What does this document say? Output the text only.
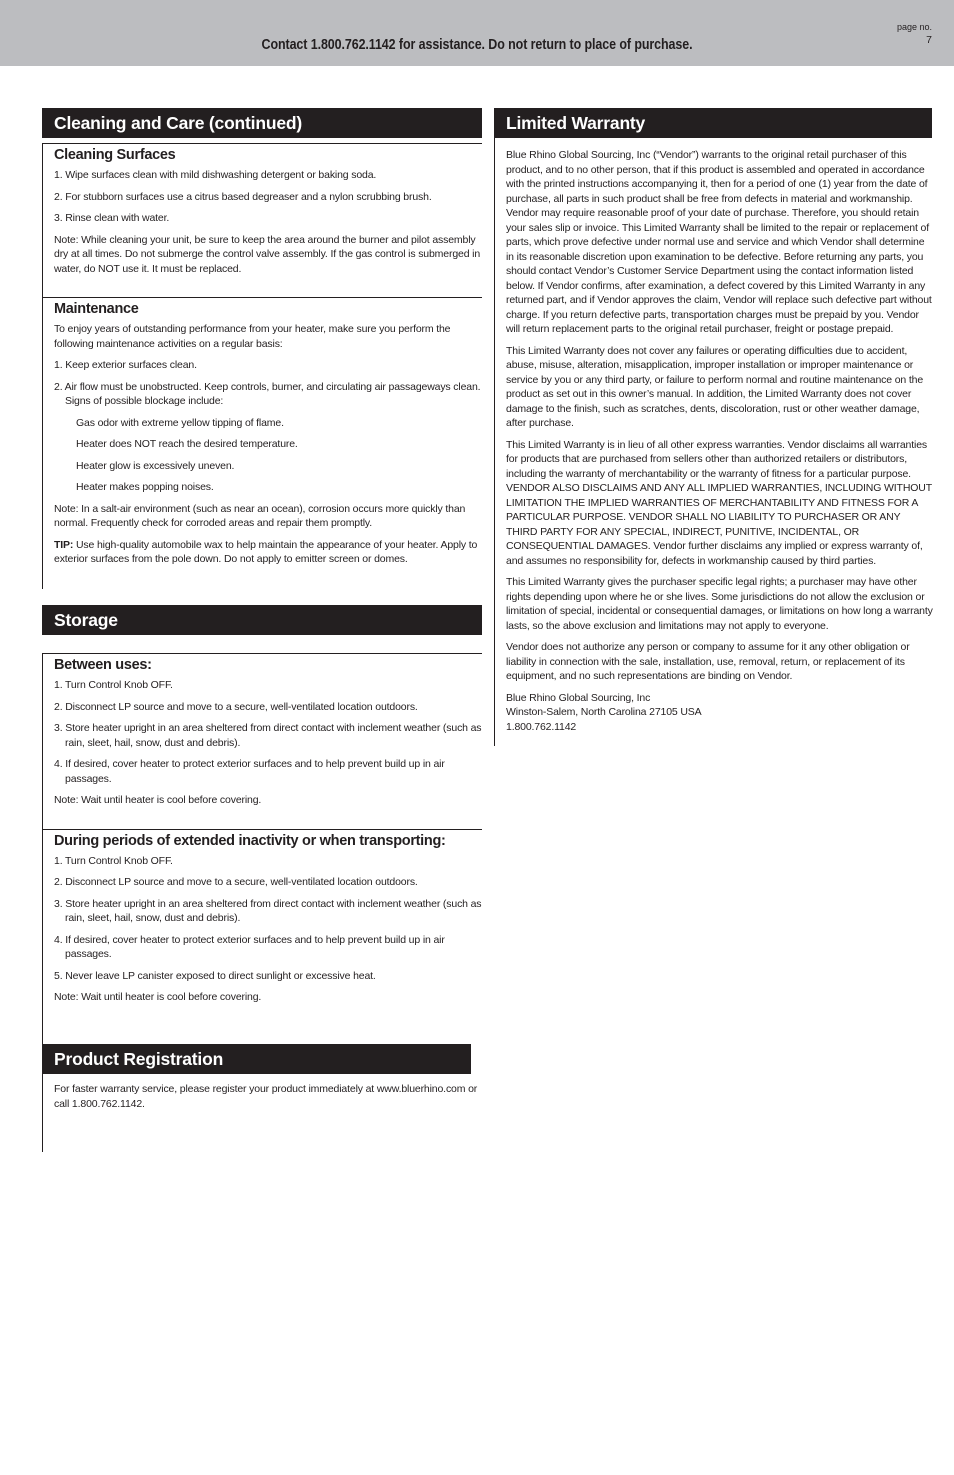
Contact 1.800.762.1142 for assistance. Do not return to place of purchase.
page no.
7
Cleaning and Care (continued)
Cleaning Surfaces
1. Wipe surfaces clean with mild dishwashing detergent or baking soda.
2. For stubborn surfaces use a citrus based degreaser and a nylon scrubbing brush.
3. Rinse clean with water.
Note: While cleaning your unit, be sure to keep the area around the burner and pilot assembly dry at all times. Do not submerge the control valve assembly. If the gas control is submerged in water, do NOT use it. It must be replaced.
Maintenance
To enjoy years of outstanding performance from your heater, make sure you perform the following maintenance activities on a regular basis:
1. Keep exterior surfaces clean.
2. Air flow must be unobstructed. Keep controls, burner, and circulating air passageways clean. Signs of possible blockage include:
Gas odor with extreme yellow tipping of flame.
Heater does NOT reach the desired temperature.
Heater glow is excessively uneven.
Heater makes popping noises.
Note: In a salt-air environment (such as near an ocean), corrosion occurs more quickly than normal. Frequently check for corroded areas and repair them promptly.
TIP: Use high-quality automobile wax to help maintain the appearance of your heater. Apply to exterior surfaces from the pole down. Do not apply to emitter screen or domes.
Storage
Between uses:
1. Turn Control Knob OFF.
2. Disconnect LP source and move to a secure, well-ventilated location outdoors.
3. Store heater upright in an area sheltered from direct contact with inclement weather (such as rain, sleet, hail, snow, dust and debris).
4. If desired, cover heater to protect exterior surfaces and to help prevent build up in air passages.
Note: Wait until heater is cool before covering.
During periods of extended inactivity or when transporting:
1. Turn Control Knob OFF.
2. Disconnect LP source and move to a secure, well-ventilated location outdoors.
3. Store heater upright in an area sheltered from direct contact with inclement weather (such as rain, sleet, hail, snow, dust and debris).
4. If desired, cover heater to protect exterior surfaces and to help prevent build up in air passages.
5. Never leave LP canister exposed to direct sunlight or excessive heat.
Note: Wait until heater is cool before covering.
Product Registration
For faster warranty service, please register your product immediately at www.bluerhino.com or call 1.800.762.1142.
Limited Warranty

Blue Rhino Global Sourcing, Inc (“Vendor”) warrants to the original retail purchaser of this product, and to no other person, that if this product is assembled and operated in accordance with the printed instructions accompanying it, then for a period of one (1) year from the date of purchase, all parts in such product shall be free from defects in material and workmanship. Vendor may require reasonable proof of your date of purchase. Therefore, you should retain your sales slip or invoice. This Limited Warranty shall be limited to the repair or replacement of parts, which prove defective under normal use and service and which Vendor shall determine in its reasonable discretion upon examination to be defective. Before returning any parts, you should contact Vendor’s Customer Service Department using the contact information listed below. If Vendor confirms, after examination, a defect covered by this Limited Warranty in any returned part, and if Vendor approves the claim, Vendor will replace such defective part without charge. If you return defective parts, transportation charges must be prepaid by you. Vendor will return replacement parts to the original retail purchaser, freight or postage prepaid.

This Limited Warranty does not cover any failures or operating difficulties due to accident, abuse, misuse, alteration, misapplication, improper installation or improper maintenance or service by you or any third party, or failure to perform normal and routine maintenance on the product as set out in this owner’s manual. In addition, the Limited Warranty does not cover damage to the finish, such as scratches, dents, discoloration, rust or other weather damage, after purchase.

This Limited Warranty is in lieu of all other express warranties. Vendor disclaims all warranties for products that are purchased from sellers other than authorized retailers or distributors, including the warranty of merchantability or the warranty of fitness for a particular purpose. VENDOR ALSO DISCLAIMS AND ANY ALL IMPLIED WARRANTIES, INCLUDING WITHOUT LIMITATION THE IMPLIED WARRANTIES OF MERCHANTABILITY AND FITNESS FOR A PARTICULAR PURPOSE. VENDOR SHALL NO LIABILITY TO PURCHASER OR ANY THIRD PARTY FOR ANY SPECIAL, INDIRECT, PUNITIVE, INCIDENTAL, OR CONSEQUENTIAL DAMAGES. Vendor further disclaims any implied or express warranty of, and assumes no responsibility for, defects in workmanship caused by third parties.

This Limited Warranty gives the purchaser specific legal rights; a purchaser may have other rights depending upon where he or she lives. Some jurisdictions do not allow the exclusion or limitation of special, incidental or consequential damages, or limitations on how long a warranty lasts, so the above exclusion and limitations may not apply to everyone.

Vendor does not authorize any person or company to assume for it any other obligation or liability in connection with the sale, installation, use, removal, return, or replacement of its equipment, and no such representations are binding on Vendor.

Blue Rhino Global Sourcing, Inc
Winston-Salem, North Carolina 27105 USA
1.800.762.1142
